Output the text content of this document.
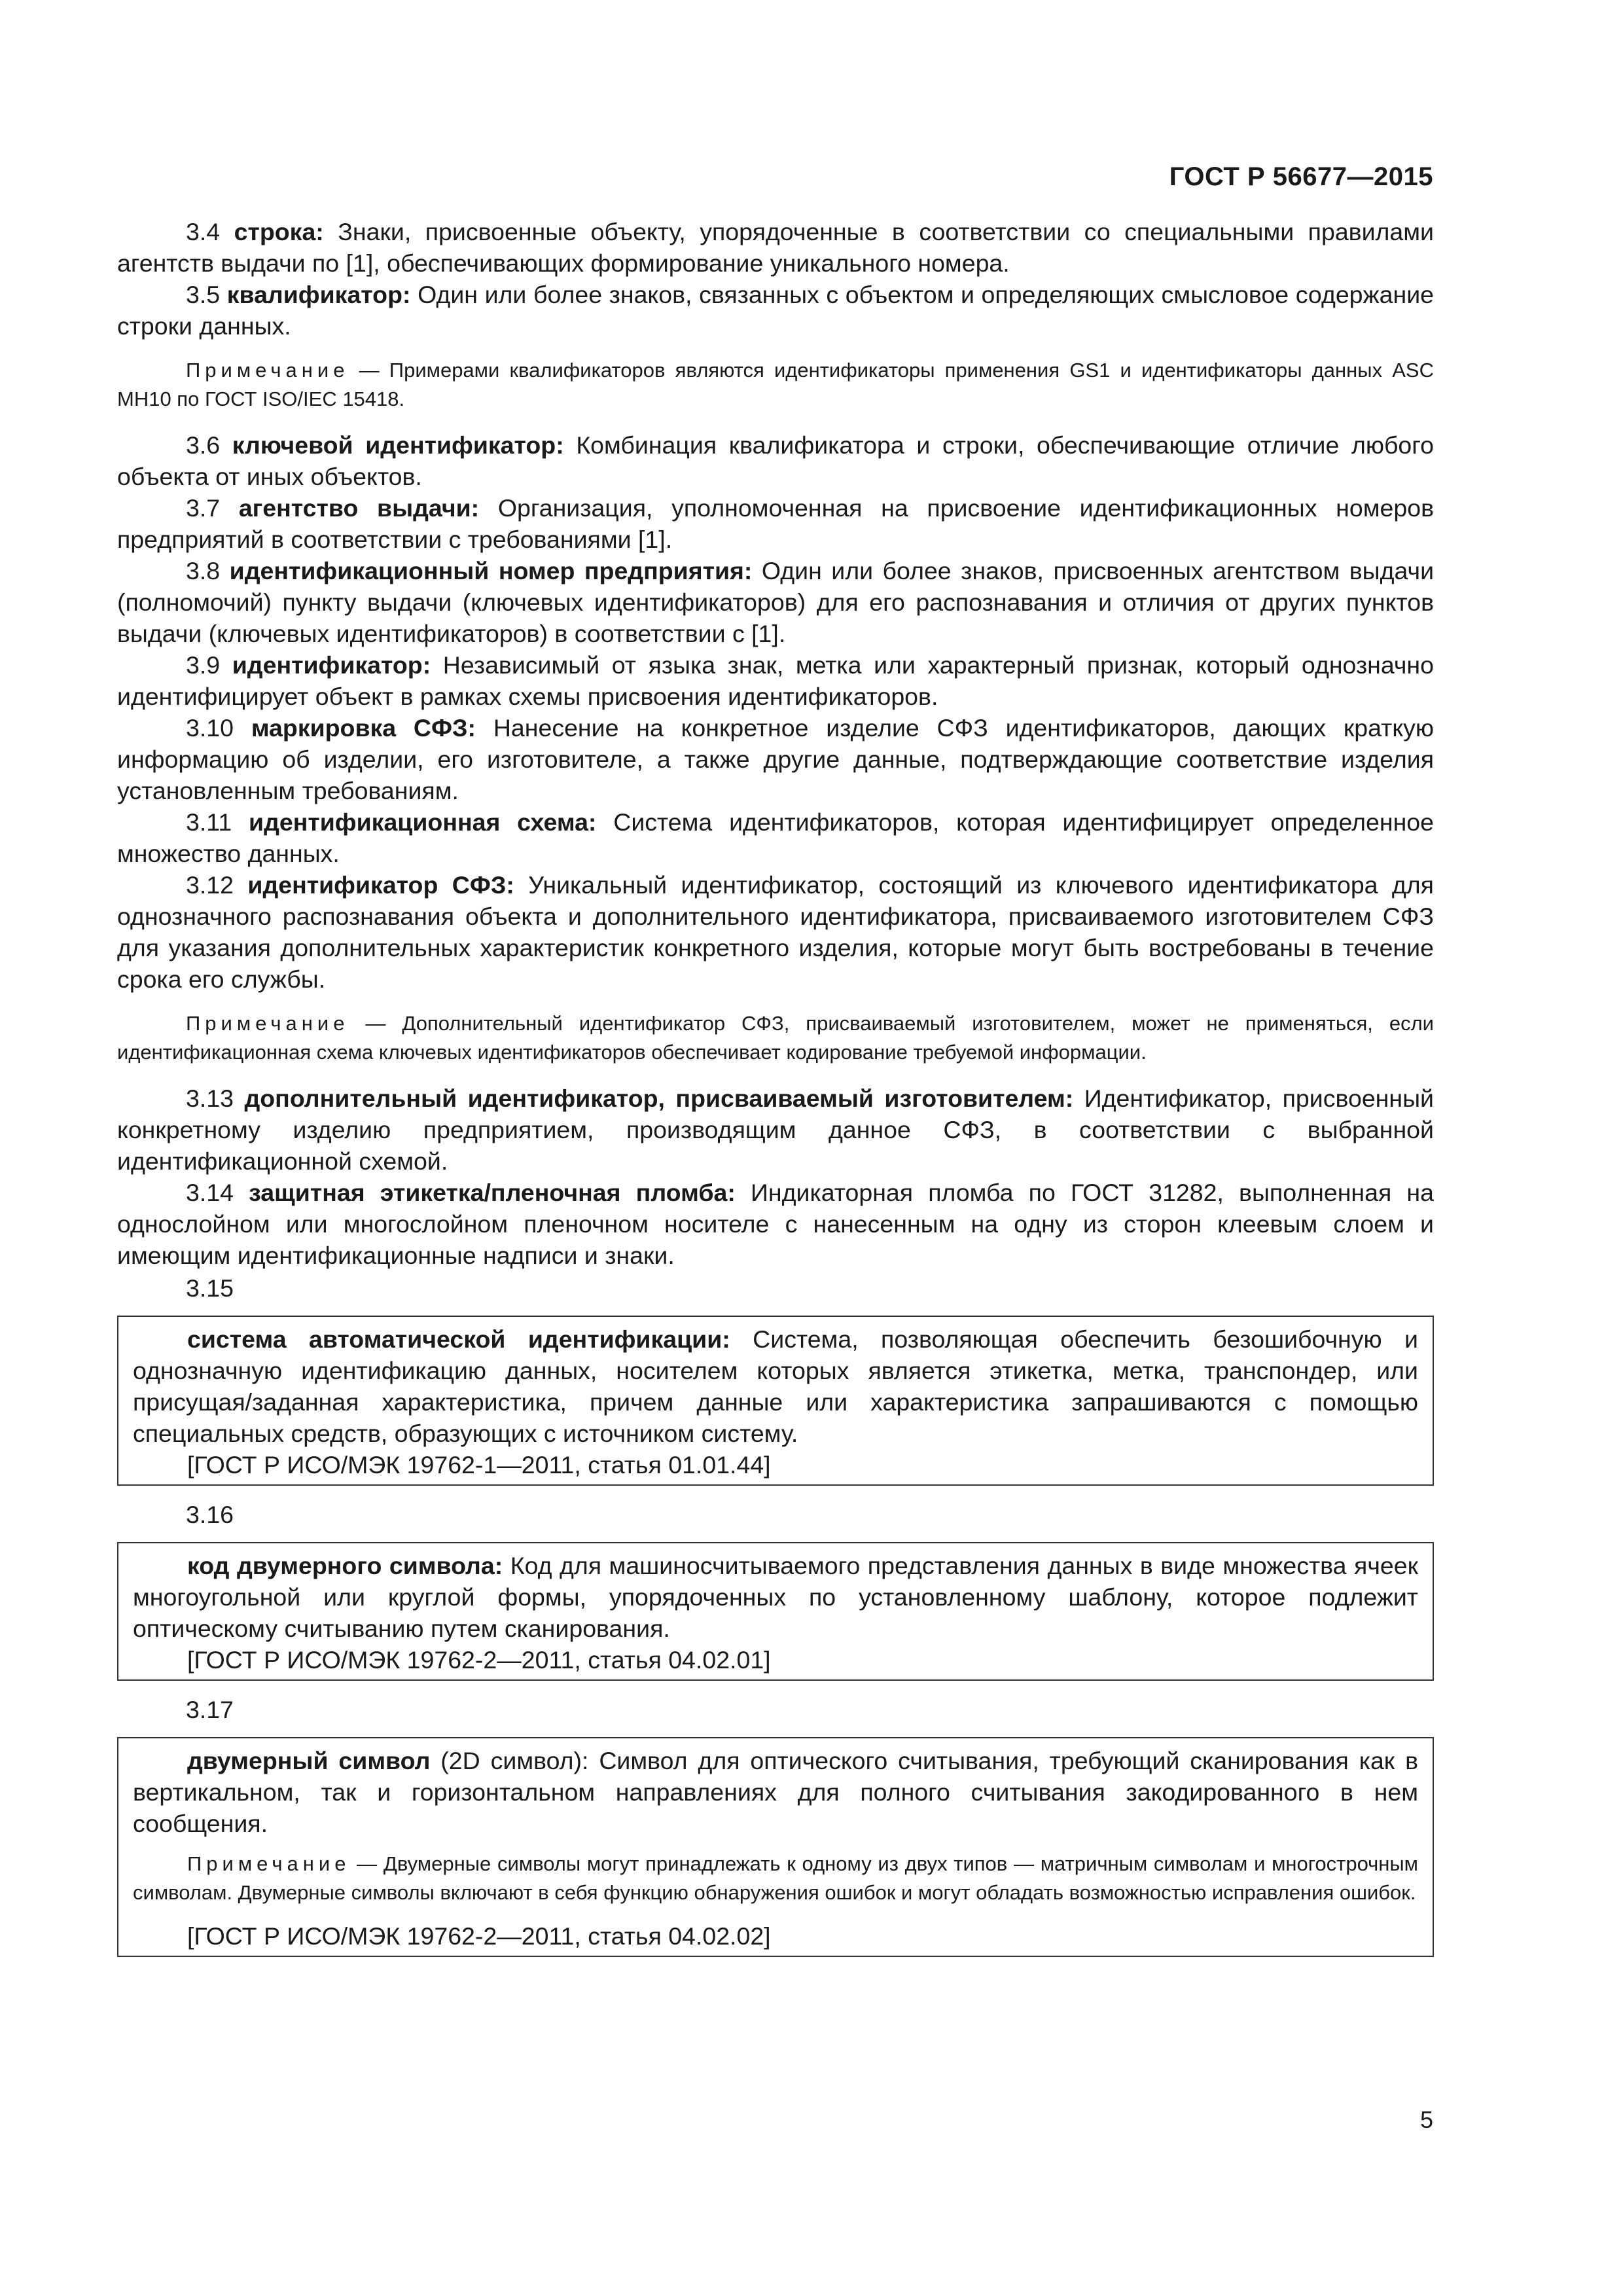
ГОСТ Р 56677—2015

3.4 строка: Знаки, присвоенные объекту, упорядоченные в соответствии со специальными правилами агентств выдачи по [1], обеспечивающих формирование уникального номера.

3.5 квалификатор: Один или более знаков, связанных с объектом и определяющих смысловое содержание строки данных.

Примечание — Примерами квалификаторов являются идентификаторы применения GS1 и идентификаторы данных ASC MH10 по ГОСТ ISO/IEC 15418.

3.6 ключевой идентификатор: Комбинация квалификатора и строки, обеспечивающие отличие любого объекта от иных объектов.

3.7 агентство выдачи: Организация, уполномоченная на присвоение идентификационных номеров предприятий в соответствии с требованиями [1].

3.8 идентификационный номер предприятия: Один или более знаков, присвоенных агентством выдачи (полномочий) пункту выдачи (ключевых идентификаторов) для его распознавания и отличия от других пунктов выдачи (ключевых идентификаторов) в соответствии с [1].

3.9 идентификатор: Независимый от языка знак, метка или характерный признак, который однозначно идентифицирует объект в рамках схемы присвоения идентификаторов.

3.10 маркировка СФЗ: Нанесение на конкретное изделие СФЗ идентификаторов, дающих краткую информацию об изделии, его изготовителе, а также другие данные, подтверждающие соответствие изделия установленным требованиям.

3.11 идентификационная схема: Система идентификаторов, которая идентифицирует определенное множество данных.

3.12 идентификатор СФЗ: Уникальный идентификатор, состоящий из ключевого идентификатора для однозначного распознавания объекта и дополнительного идентификатора, присваиваемого изготовителем СФЗ для указания дополнительных характеристик конкретного изделия, которые могут быть востребованы в течение срока его службы.

Примечание — Дополнительный идентификатор СФЗ, присваиваемый изготовителем, может не применяться, если идентификационная схема ключевых идентификаторов обеспечивает кодирование требуемой информации.

3.13 дополнительный идентификатор, присваиваемый изготовителем: Идентификатор, присвоенный конкретному изделию предприятием, производящим данное СФЗ, в соответствии с выбранной идентификационной схемой.

3.14 защитная этикетка/пленочная пломба: Индикаторная пломба по ГОСТ 31282, выполненная на однослойном или многослойном пленочном носителе с нанесенным на одну из сторон клеевым слоем и имеющим идентификационные надписи и знаки.

3.15

система автоматической идентификации: Система, позволяющая обеспечить безошибочную и однозначную идентификацию данных, носителем которых является этикетка, метка, транспондер, или присущая/заданная характеристика, причем данные или характеристика запрашиваются с помощью специальных средств, образующих с источником систему.

[ГОСТ Р ИСО/МЭК 19762-1—2011, статья 01.01.44]

3.16

код двумерного символа: Код для машиносчитываемого представления данных в виде множества ячеек многоугольной или круглой формы, упорядоченных по установленному шаблону, которое подлежит оптическому считыванию путем сканирования.

[ГОСТ Р ИСО/МЭК 19762-2—2011, статья 04.02.01]

3.17

двумерный символ (2D символ): Символ для оптического считывания, требующий сканирования как в вертикальном, так и горизонтальном направлениях для полного считывания закодированного в нем сообщения.

Примечание — Двумерные символы могут принадлежать к одному из двух типов — матричным символам и многострочным символам. Двумерные символы включают в себя функцию обнаружения ошибок и могут обладать возможностью исправления ошибок.

[ГОСТ Р ИСО/МЭК 19762-2—2011, статья 04.02.02]

5
